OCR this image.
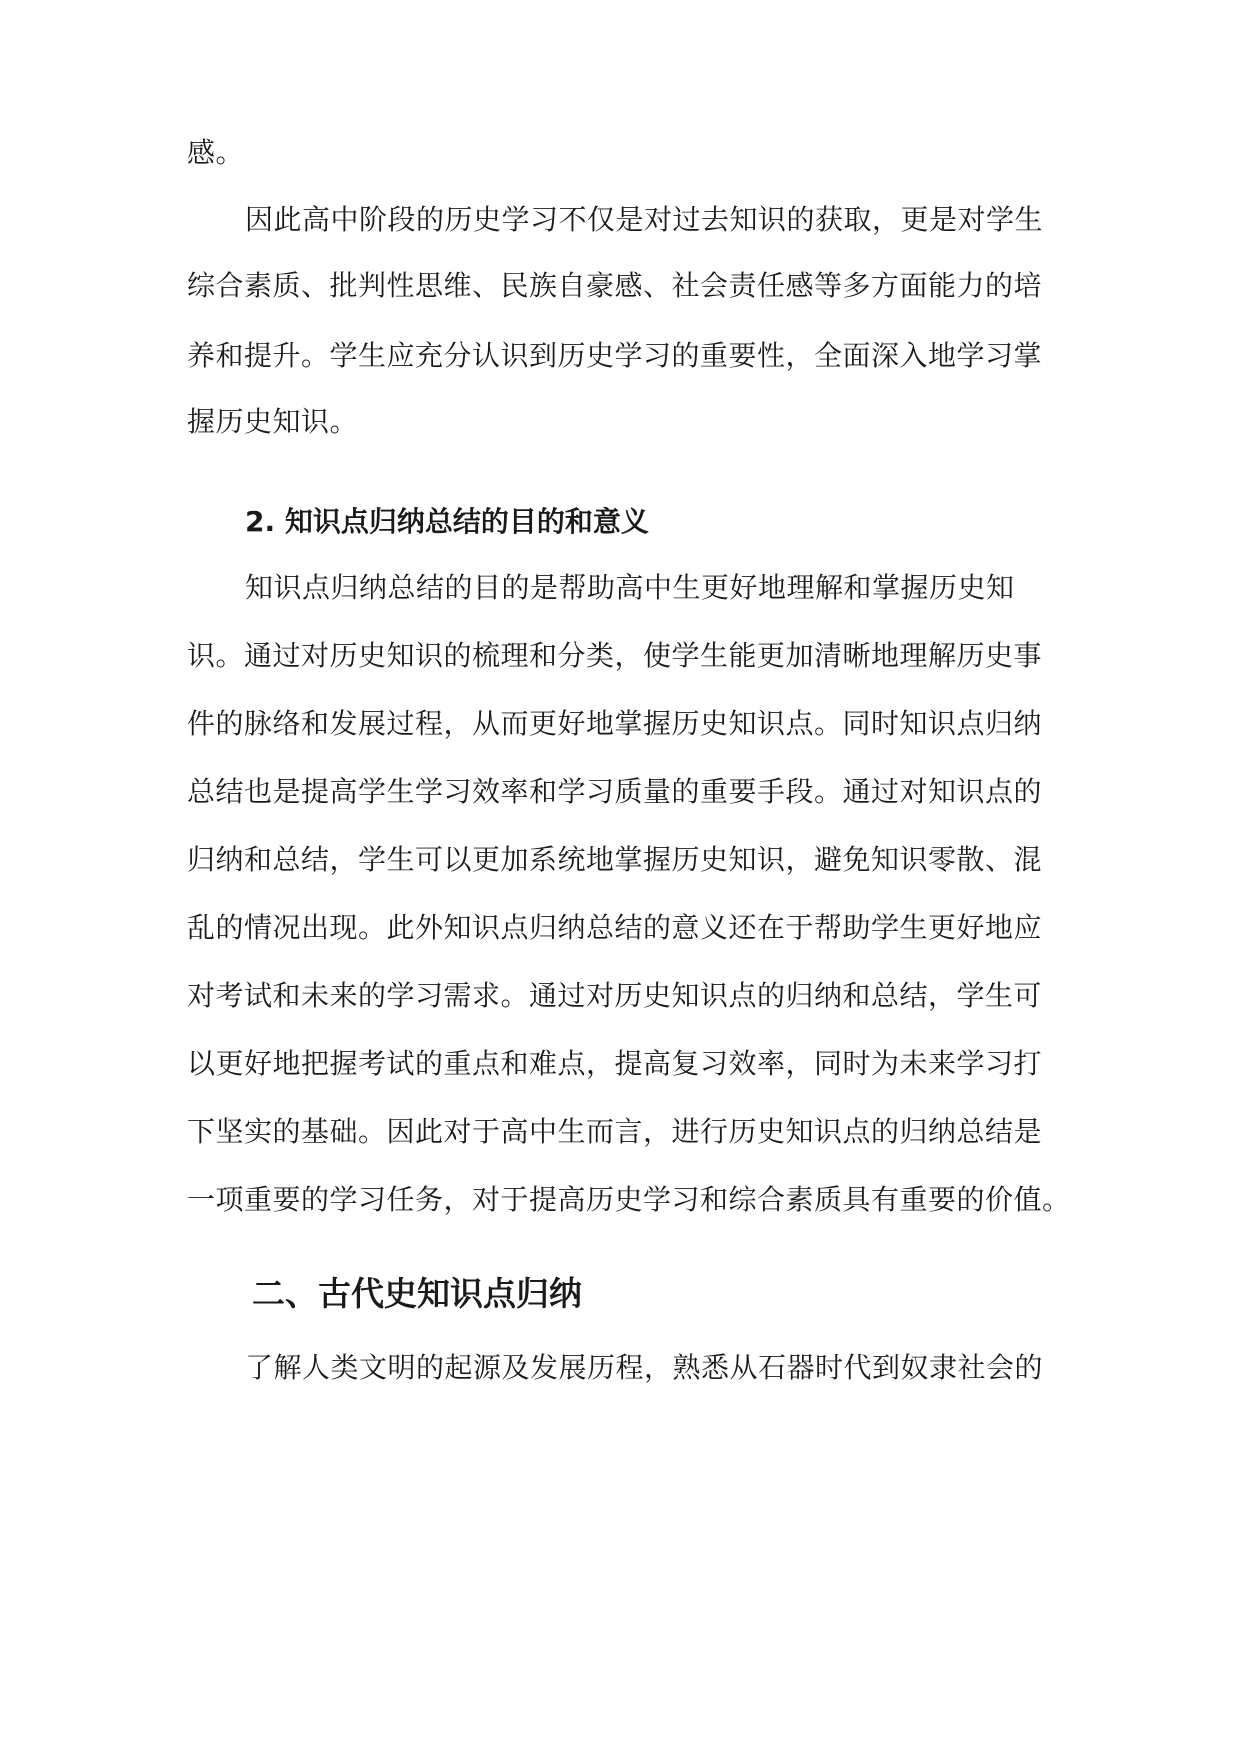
感。
因此高中阶段的历史学习不仅是对过去知识的获取，更是对学生
综合素质、批判性思维、民族自豪感、社会责任感等多方面能力的培
养和提升。学生应充分认识到历史学习的重要性，全面深入地学习掌
握历史知识。
2. 知识点归纳总结的目的和意义
知识点归纳总结的目的是帮助高中生更好地理解和掌握历史知
识。通过对历史知识的梳理和分类，使学生能更加清晰地理解历史事
件的脉络和发展过程，从而更好地掌握历史知识点。同时知识点归纳
总结也是提高学生学习效率和学习质量的重要手段。通过对知识点的
归纳和总结，学生可以更加系统地掌握历史知识，避免知识零散、混
乱的情况出现。此外知识点归纳总结的意义还在于帮助学生更好地应
对考试和未来的学习需求。通过对历史知识点的归纳和总结，学生可
以更好地把握考试的重点和难点，提高复习效率，同时为未来学习打
下坚实的基础。因此对于高中生而言，进行历史知识点的归纳总结是
一项重要的学习任务，对于提高历史学习和综合素质具有重要的价值。
二、古代史知识点归纳
了解人类文明的起源及发展历程，熟悉从石器时代到奴隶社会的
